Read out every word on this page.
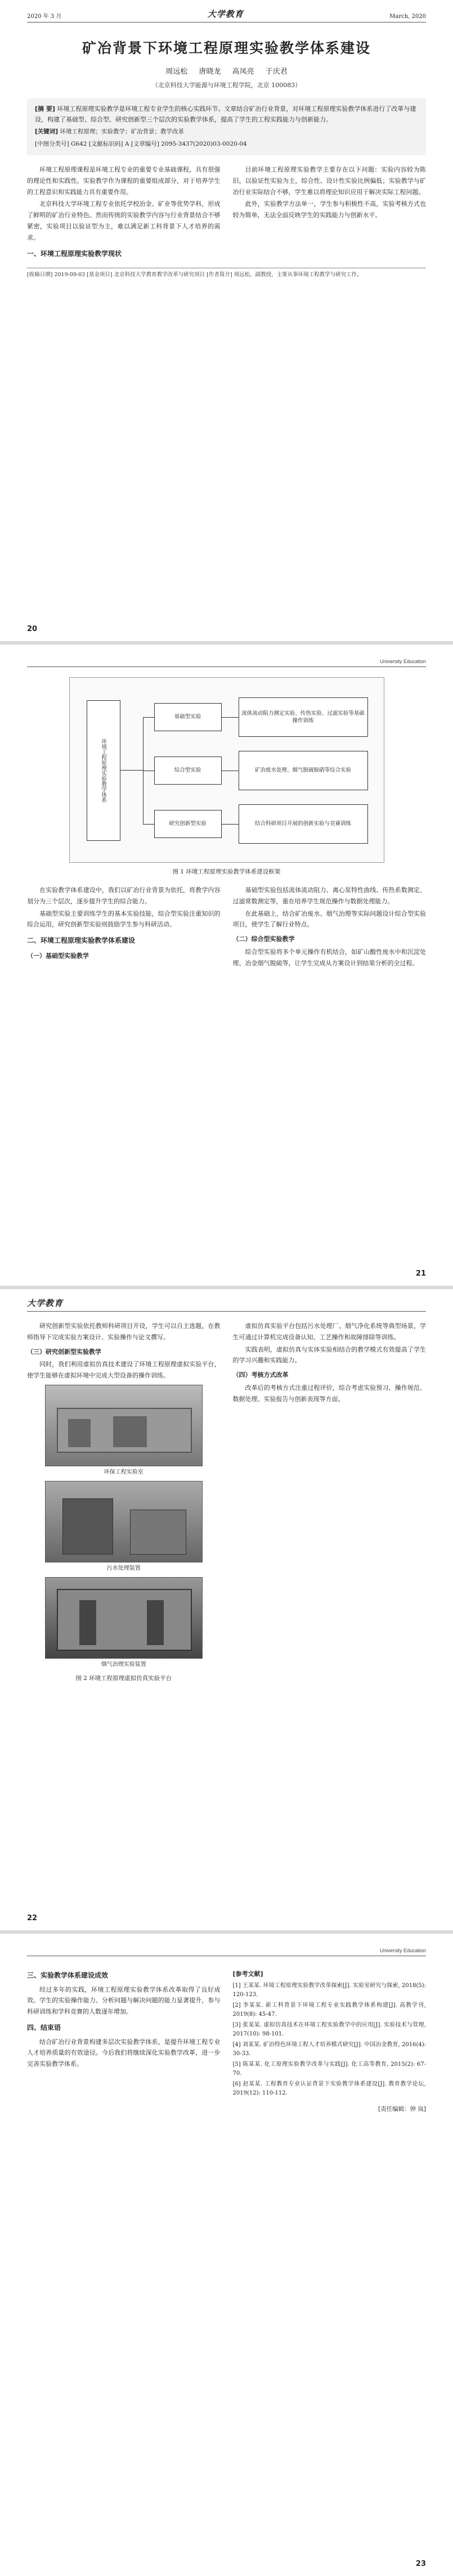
2020 年 3 月	大学教育	March, 2020
矿冶背景下环境工程原理实验教学体系建设
周远松 唐晓龙 高凤亮 于庆君
（北京科技大学能源与环境工程学院，北京 100083）
[摘 要] 环境工程原理实验教学是环境工程专业学生的核心实践环节。文章结合矿冶行业背景，对环境工程原理实验教学体系进行了改革与建设，构建了基础型、综合型、研究创新型三个层次的实验教学体系，提高了学生的工程实践能力与创新能力。
[关键词] 环境工程原理；实验教学；矿冶背景；教学改革
[中图分类号] G642 [文献标识码] A [文章编号] 2095-3437(2020)03-0020-04

环境工程原理课程是环境工程专业的重要专业基础课程，具有很强的理论性和实践性。实验教学作为课程的重要组成部分，对于培养学生的工程意识和实践能力具有重要作用。

北京科技大学环境工程专业依托学校冶金、矿业等优势学科，形成了鲜明的矿冶行业特色。然而传统的实验教学内容与行业背景结合不够紧密，实验项目以验证型为主，难以满足新工科背景下人才培养的需求。

一、环境工程原理实验教学现状

目前环境工程原理实验教学主要存在以下问题：实验内容较为陈旧，以验证性实验为主，综合性、设计性实验比例偏低；实验教学与矿冶行业实际结合不够，学生难以将理论知识应用于解决实际工程问题。

此外，实验教学方法单一，学生参与积极性不高，实验考核方式也较为简单，无法全面反映学生的实践能力与创新水平。

[收稿日期] 2019-09-03 [基金项目] 北京科技大学教育教学改革与研究项目 [作者简介] 周远松，副教授，主要从事环境工程教学与研究工作。
20
University Education
环境工程原理实验教学体系
基础型实验
综合型实验
研究创新型实验
流体流动阻力测定实验、传热实验、过滤实验等基础操作训练
矿冶废水处理、烟气脱硫脱硝等综合实验
结合科研项目开展的创新实验与竞赛训练
图 1 环境工程原理实验教学体系建设框架

在实验教学体系建设中，我们以矿冶行业背景为依托，将教学内容划分为三个层次，逐步提升学生的综合能力。

基础型实验主要训练学生的基本实验技能，综合型实验注重知识的综合运用，研究创新型实验则鼓励学生参与科研活动。

二、环境工程原理实验教学体系建设
（一）基础型实验教学

基础型实验包括流体流动阻力、离心泵特性曲线、传热系数测定、过滤常数测定等，重在培养学生规范操作与数据处理能力。

在此基础上，结合矿冶废水、烟气治理等实际问题设计综合型实验项目，使学生了解行业特点。

（二）综合型实验教学

综合型实验将多个单元操作有机结合，如矿山酸性废水中和沉淀处理、冶金烟气脱硫等，让学生完成从方案设计到结果分析的全过程。

21
大学教育

研究创新型实验依托教师科研项目开设，学生可以自主选题，在教师指导下完成实验方案设计、实验操作与论文撰写。

（三）研究创新型实验教学

同时，我们利用虚拟仿真技术建设了环境工程原理虚拟实验平台，使学生能够在虚拟环境中完成大型设备的操作训练。

环保工程实验室
污水处理装置
烟气治理实验装置
图 2 环境工程原理虚拟仿真实验平台

虚拟仿真实验平台包括污水处理厂、烟气净化系统等典型场景，学生可通过计算机完成设备认知、工艺操作和故障排除等训练。

实践表明，虚拟仿真与实体实验相结合的教学模式有效提高了学生的学习兴趣和实践能力。

（四）考核方式改革

改革后的考核方式注重过程评价，综合考虑实验预习、操作规范、数据处理、实验报告与创新表现等方面。

22
University Education
三、实验教学体系建设成效

经过多年的实践，环境工程原理实验教学体系改革取得了良好成效。学生的实验操作能力、分析问题与解决问题的能力显著提升，参与科研训练和学科竞赛的人数逐年增加。

四、结束语

结合矿冶行业背景构建多层次实验教学体系，是提升环境工程专业人才培养质量的有效途径。今后我们将继续深化实验教学改革，进一步完善实验教学体系。

[参考文献]
[1] 王某某. 环境工程原理实验教学改革探索[J]. 实验室研究与探索, 2018(5): 120-123.
[2] 李某某. 新工科背景下环境工程专业实践教学体系构建[J]. 高教学刊, 2019(8): 45-47.
[3] 张某某. 虚拟仿真技术在环境工程实验教学中的应用[J]. 实验技术与管理, 2017(10): 98-101.
[4] 刘某某. 矿冶特色环境工程人才培养模式研究[J]. 中国冶金教育, 2016(4): 30-33.
[5] 陈某某. 化工原理实验教学改革与实践[J]. 化工高等教育, 2015(2): 67-70.
[6] 赵某某. 工程教育专业认证背景下实验教学体系建设[J]. 教育教学论坛, 2019(12): 110-112.
[责任编辑：钟 岚]
23
